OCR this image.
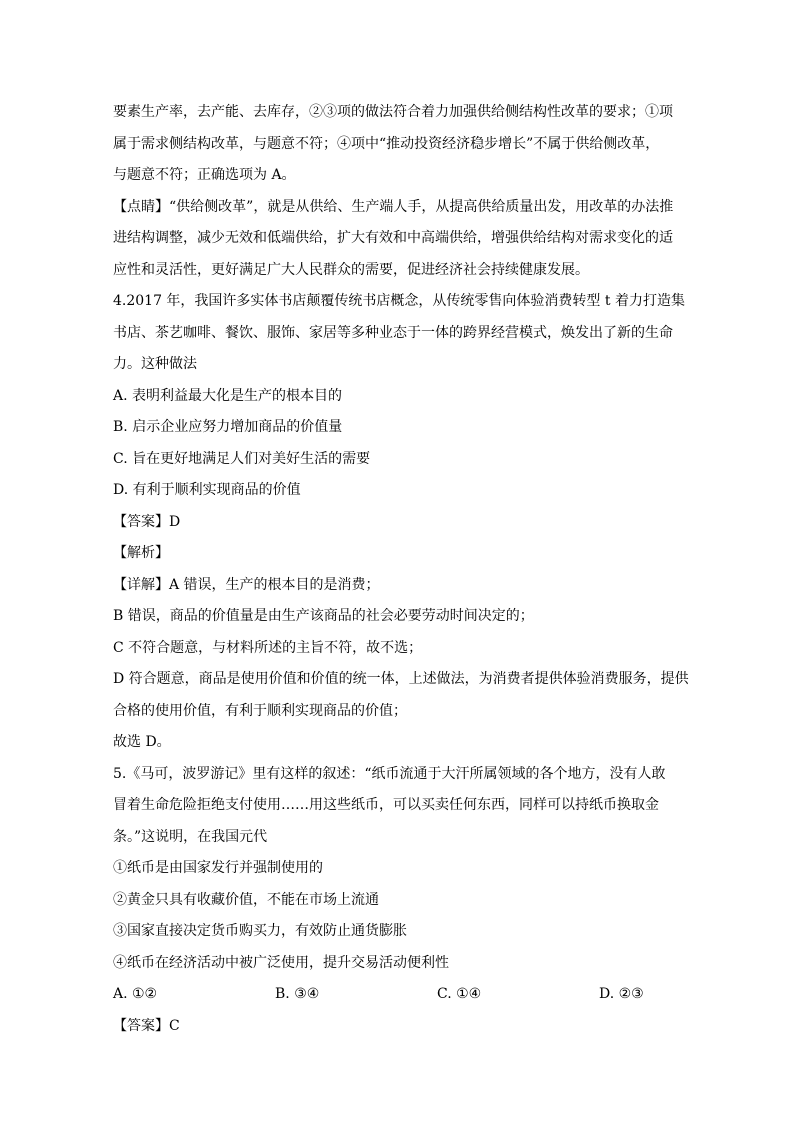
要素生产率，去产能、去库存，②③项的做法符合着力加强供给侧结构性改革的要求；①项
属于需求侧结构改革，与题意不符；④项中“推动投资经济稳步增长”不属于供给侧改革，
与题意不符；正确选项为 A。
【点睛】“供给侧改革”，就是从供给、生产端人手，从提高供给质量出发，用改革的办法推
进结构调整，减少无效和低端供给，扩大有效和中高端供给，增强供给结构对需求变化的适
应性和灵活性，更好满足广大人民群众的需要，促进经济社会持续健康发展。
4.2017 年，我国许多实体书店颠覆传统书店概念，从传统零售向体验消费转型 t 着力打造集
书店、茶艺咖啡、餐饮、服饰、家居等多种业态于一体的跨界经营模式，焕发出了新的生命
力。这种做法
A. 表明利益最大化是生产的根本目的
B. 启示企业应努力增加商品的价值量
C. 旨在更好地满足人们对美好生活的需要
D. 有利于顺利实现商品的价值
【答案】D
【解析】
【详解】A 错误，生产的根本目的是消费；
B 错误，商品的价值量是由生产该商品的社会必要劳动时间决定的；
C 不符合题意，与材料所述的主旨不符，故不选；
D 符合题意，商品是使用价值和价值的统一体，上述做法，为消费者提供体验消费服务，提供
合格的使用价值，有利于顺利实现商品的价值；
故选 D。
5.《马可，波罗游记》里有这样的叙述：“纸币流通于大汗所属领域的各个地方，没有人敢
冒着生命危险拒绝支付使用……用这些纸币，可以买卖任何东西，同样可以持纸币换取金
条。”这说明，在我国元代
①纸币是由国家发行并强制使用的
②黄金只具有收藏价值，不能在市场上流通
③国家直接决定货币购买力，有效防止通货膨胀
④纸币在经济活动中被广泛使用，提升交易活动便利性
A. ①②	B. ③④	C. ①④	D. ②③
【答案】C
